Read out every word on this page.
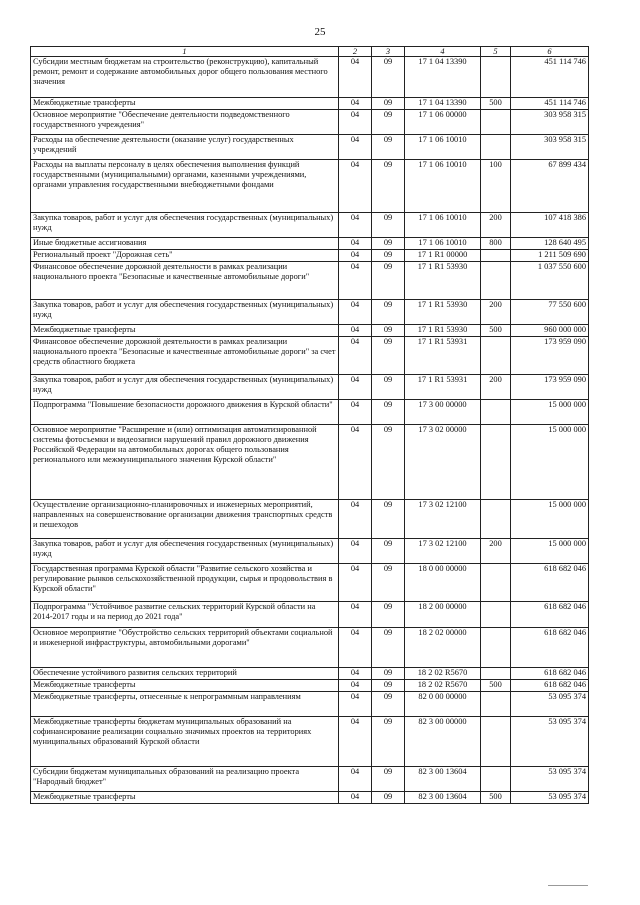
25
1	2	3	4	5	6
Субсидии местным бюджетам на строительство (реконструкцию), капитальный ремонт, ремонт и содержание автомобильных дорог общего пользования местного значения	04	09	17 1 04 13390		451 114 746
Межбюджетные трансферты	04	09	17 1 04 13390	500	451 114 746
Основное мероприятие "Обеспечение деятельности подведомственного государственного учреждения"	04	09	17 1 06 00000		303 958 315
Расходы на обеспечение деятельности (оказание услуг) государственных учреждений	04	09	17 1 06 10010		303 958 315
Расходы на выплаты персоналу в целях обеспечения выполнения функций государственными (муниципальными) органами, казенными учреждениями, органами управления государственными внебюджетными фондами	04	09	17 1 06 10010	100	67 899 434
Закупка товаров, работ и услуг для обеспечения государственных (муниципальных) нужд	04	09	17 1 06 10010	200	107 418 386
Иные бюджетные ассигнования	04	09	17 1 06 10010	800	128 640 495
Региональный проект "Дорожная сеть"	04	09	17 1 R1 00000		1 211 509 690
Финансовое обеспечение дорожной деятельности в рамках реализации национального проекта "Безопасные и качественные автомобильные дороги"	04	09	17 1 R1 53930		1 037 550 600
Закупка товаров, работ и услуг для обеспечения государственных (муниципальных) нужд	04	09	17 1 R1 53930	200	77 550 600
Межбюджетные трансферты	04	09	17 1 R1 53930	500	960 000 000
Финансовое обеспечение дорожной деятельности в рамках реализации национального проекта "Безопасные и качественные автомобильные дороги" за счет средств областного бюджета	04	09	17 1 R1 53931		173 959 090
Закупка товаров, работ и услуг для обеспечения государственных (муниципальных) нужд	04	09	17 1 R1 53931	200	173 959 090
Подпрограмма "Повышение безопасности дорожного движения в Курской области"	04	09	17 3 00 00000		15 000 000
Основное мероприятие "Расширение и (или) оптимизация автоматизированной системы фотосъемки и видеозаписи нарушений правил дорожного движения Российской Федерации на автомобильных дорогах общего пользования регионального или межмуниципального значения Курской области"	04	09	17 3 02 00000		15 000 000
Осуществление организационно-планировочных и инженерных мероприятий, направленных на совершенствование организации движения транспортных средств и пешеходов	04	09	17 3 02 12100		15 000 000
Закупка товаров, работ и услуг для обеспечения государственных (муниципальных) нужд	04	09	17 3 02 12100	200	15 000 000
Государственная программа Курской области "Развитие сельского хозяйства и регулирование рынков сельскохозяйственной продукции, сырья и продовольствия в Курской области"	04	09	18 0 00 00000		618 682 046
Подпрограмма "Устойчивое развитие сельских территорий Курской области на 2014-2017 годы и на период до 2021 года"	04	09	18 2 00 00000		618 682 046
Основное мероприятие "Обустройство сельских территорий объектами социальной и инженерной инфраструктуры, автомобильными дорогами"	04	09	18 2 02 00000		618 682 046
Обеспечение устойчивого развития сельских территорий	04	09	18 2 02 R5670		618 682 046
Межбюджетные трансферты	04	09	18 2 02 R5670	500	618 682 046
Межбюджетные трансферты, отнесенные к непрограммным направлениям	04	09	82 0 00 00000		53 095 374
Межбюджетные трансферты бюджетам муниципальных образований на софинансирование реализации социально значимых проектов на территориях муниципальных образований Курской области	04	09	82 3 00 00000		53 095 374
Субсидии бюджетам муниципальных образований на реализацию проекта "Народный бюджет"	04	09	82 3 00 13604		53 095 374
Межбюджетные трансферты	04	09	82 3 00 13604	500	53 095 374
